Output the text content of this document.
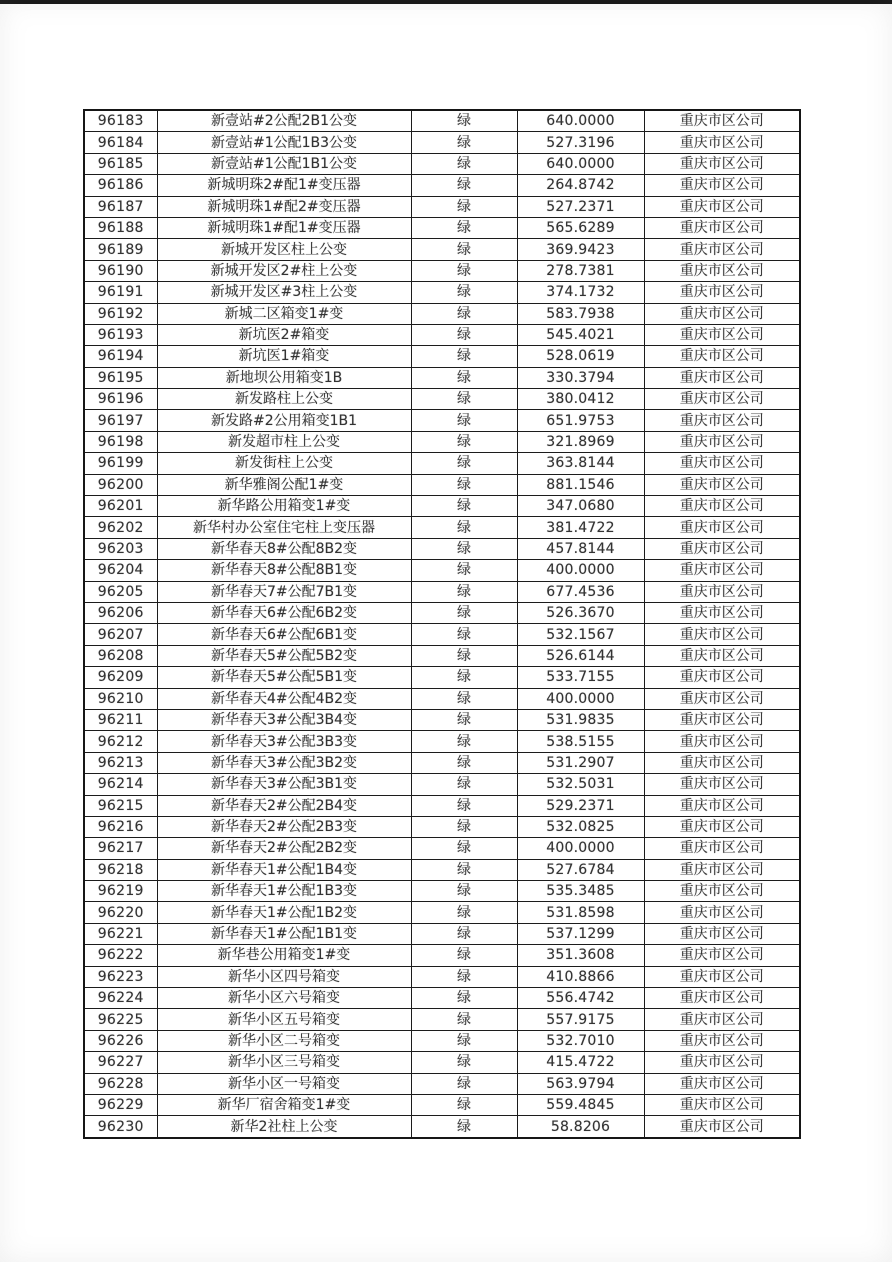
96183	新壹站#2公配2B1公变	绿	640.0000	重庆市区公司
96184	新壹站#1公配1B3公变	绿	527.3196	重庆市区公司
96185	新壹站#1公配1B1公变	绿	640.0000	重庆市区公司
96186	新城明珠2#配1#变压器	绿	264.8742	重庆市区公司
96187	新城明珠1#配2#变压器	绿	527.2371	重庆市区公司
96188	新城明珠1#配1#变压器	绿	565.6289	重庆市区公司
96189	新城开发区柱上公变	绿	369.9423	重庆市区公司
96190	新城开发区2#柱上公变	绿	278.7381	重庆市区公司
96191	新城开发区#3柱上公变	绿	374.1732	重庆市区公司
96192	新城二区箱变1#变	绿	583.7938	重庆市区公司
96193	新坑医2#箱变	绿	545.4021	重庆市区公司
96194	新坑医1#箱变	绿	528.0619	重庆市区公司
96195	新地坝公用箱变1B	绿	330.3794	重庆市区公司
96196	新发路柱上公变	绿	380.0412	重庆市区公司
96197	新发路#2公用箱变1B1	绿	651.9753	重庆市区公司
96198	新发超市柱上公变	绿	321.8969	重庆市区公司
96199	新发街柱上公变	绿	363.8144	重庆市区公司
96200	新华雅阁公配1#变	绿	881.1546	重庆市区公司
96201	新华路公用箱变1#变	绿	347.0680	重庆市区公司
96202	新华村办公室住宅柱上变压器	绿	381.4722	重庆市区公司
96203	新华春天8#公配8B2变	绿	457.8144	重庆市区公司
96204	新华春天8#公配8B1变	绿	400.0000	重庆市区公司
96205	新华春天7#公配7B1变	绿	677.4536	重庆市区公司
96206	新华春天6#公配6B2变	绿	526.3670	重庆市区公司
96207	新华春天6#公配6B1变	绿	532.1567	重庆市区公司
96208	新华春天5#公配5B2变	绿	526.6144	重庆市区公司
96209	新华春天5#公配5B1变	绿	533.7155	重庆市区公司
96210	新华春天4#公配4B2变	绿	400.0000	重庆市区公司
96211	新华春天3#公配3B4变	绿	531.9835	重庆市区公司
96212	新华春天3#公配3B3变	绿	538.5155	重庆市区公司
96213	新华春天3#公配3B2变	绿	531.2907	重庆市区公司
96214	新华春天3#公配3B1变	绿	532.5031	重庆市区公司
96215	新华春天2#公配2B4变	绿	529.2371	重庆市区公司
96216	新华春天2#公配2B3变	绿	532.0825	重庆市区公司
96217	新华春天2#公配2B2变	绿	400.0000	重庆市区公司
96218	新华春天1#公配1B4变	绿	527.6784	重庆市区公司
96219	新华春天1#公配1B3变	绿	535.3485	重庆市区公司
96220	新华春天1#公配1B2变	绿	531.8598	重庆市区公司
96221	新华春天1#公配1B1变	绿	537.1299	重庆市区公司
96222	新华巷公用箱变1#变	绿	351.3608	重庆市区公司
96223	新华小区四号箱变	绿	410.8866	重庆市区公司
96224	新华小区六号箱变	绿	556.4742	重庆市区公司
96225	新华小区五号箱变	绿	557.9175	重庆市区公司
96226	新华小区二号箱变	绿	532.7010	重庆市区公司
96227	新华小区三号箱变	绿	415.4722	重庆市区公司
96228	新华小区一号箱变	绿	563.9794	重庆市区公司
96229	新华厂宿舍箱变1#变	绿	559.4845	重庆市区公司
96230	新华2社柱上公变	绿	58.8206	重庆市区公司
